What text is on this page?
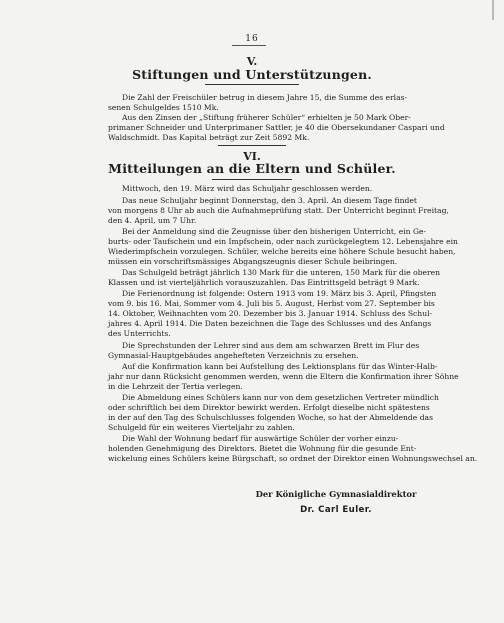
16
V.
Stiftungen und Unterstützungen.
Die Zahl der Freischüler betrug in diesem Jahre 15, die Summe des erlas-
senen Schulgeldes 1510 Mk.
Aus den Zinsen der „Stiftung früherer Schüler“ erhielten je 50 Mark Ober-
primaner Schneider und Unterprimaner Sattler, je 40 die Obersekundaner Caspari und
Waldschmidt. Das Kapital beträgt zur Zeit 5892 Mk.
VI.
Mitteilungen an die Eltern und Schüler.
Mittwoch, den 19. März wird das Schuljahr geschlossen werden.
Das neue Schuljahr beginnt Donnerstag, den 3. April. An diesem Tage findet
von morgens 8 Uhr ab auch die Aufnahmeprüfung statt. Der Unterricht beginnt Freitag,
den 4. April, um 7 Uhr.
Bei der Anmeldung sind die Zeugnisse über den bisherigen Unterricht, ein Ge-
burts- oder Taufschein und ein Impfschein, oder nach zurückgelegtem 12. Lebensjahre ein
Wiederimpfschein vorzulegen. Schüler, welche bereits eine höhere Schule besucht haben,
müssen ein vorschriftsmässiges Abgangszeugnis dieser Schule beibringen.
Das Schulgeld beträgt jährlich 130 Mark für die unteren, 150 Mark für die oberen
Klassen und ist vierteljährlich vorauszuzahlen. Das Eintrittsgeld beträgt 9 Mark.
Die Ferienordnung ist folgende: Ostern 1913 vom 19. März bis 3. April, Pfingsten
vom 9. bis 16. Mai, Sommer vom 4. Juli bis 5. August, Herbst vom 27. September bis
14. Oktober, Weihnachten vom 20. Dezember bis 3. Januar 1914. Schluss des Schul-
jahres 4. April 1914. Die Daten bezeichnen die Tage des Schlusses und des Anfangs
des Unterrichts.
Die Sprechstunden der Lehrer sind aus dem am schwarzen Brett im Flur des
Gymnasial-Hauptgebäudes angehefteten Verzeichnis zu ersehen.
Auf die Konfirmation kann bei Aufstellung des Lektionsplans für das Winter-Halb-
jahr nur dann Rücksicht genommen werden, wenn die Eltern die Konfirmation ihrer Söhne
in die Lehrzeit der Tertia verlegen.
Die Abmeldung eines Schülers kann nur von dem gesetzlichen Vertreter mündlich
oder schriftlich bei dem Direktor bewirkt werden. Erfolgt dieselbe nicht spätestens
in der auf den Tag des Schulschlusses folgenden Woche, so hat der Abmeldende das
Schulgeld für ein weiteres Vierteljahr zu zahlen.
Die Wahl der Wohnung bedarf für auswärtige Schüler der vorher einzu-
holenden Genehmigung des Direktors. Bietet die Wohnung für die gesunde Ent-
wickelung eines Schülers keine Bürgschaft, so ordnet der Direktor einen Wohnungswechsel an.
Der Königliche Gymnasialdirektor
Dr. Carl Euler.
